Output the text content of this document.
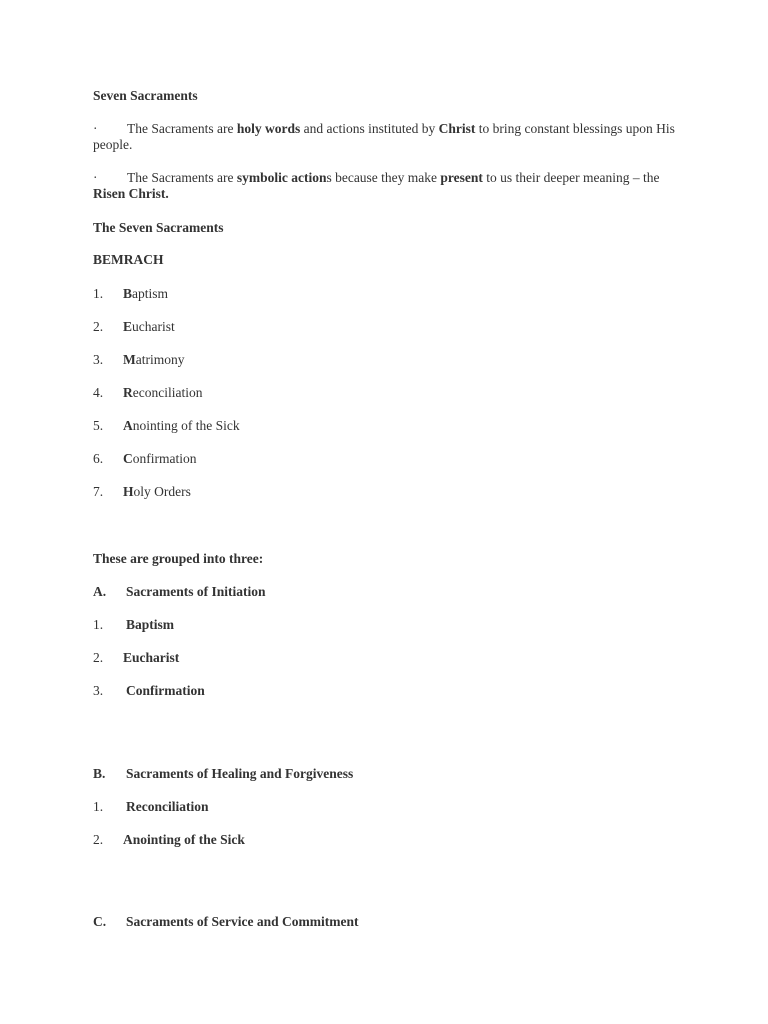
Seven Sacraments
· The Sacraments are holy words and actions instituted by Christ to bring constant blessings upon His people.
· The Sacraments are symbolic actions because they make present to us their deeper meaning – the Risen Christ.
The Seven Sacraments
BEMRACH
1. Baptism
2. Eucharist
3. Matrimony
4. Reconciliation
5. Anointing of the Sick
6. Confirmation
7. Holy Orders
These are grouped into three:
A. Sacraments of Initiation
1. Baptism
2. Eucharist
3. Confirmation
B. Sacraments of Healing and Forgiveness
1. Reconciliation
2. Anointing of the Sick
C. Sacraments of Service and Commitment
